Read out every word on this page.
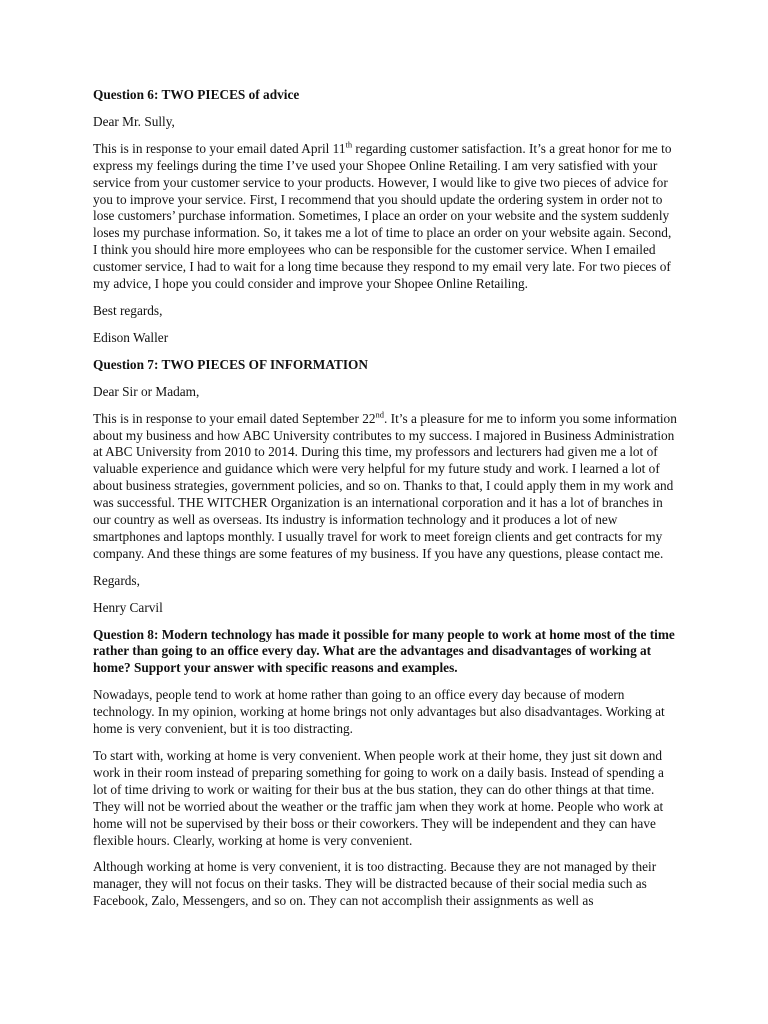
Question 6: TWO PIECES of advice

Dear Mr. Sully,

This is in response to your email dated April 11th regarding customer satisfaction. It’s a great honor for me to express my feelings during the time I’ve used your Shopee Online Retailing. I am very satisfied with your service from your customer service to your products. However, I would like to give two pieces of advice for you to improve your service. First, I recommend that you should update the ordering system in order not to lose customers’ purchase information. Sometimes, I place an order on your website and the system suddenly loses my purchase information. So, it takes me a lot of time to place an order on your website again. Second, I think you should hire more employees who can be responsible for the customer service. When I emailed customer service, I had to wait for a long time because they respond to my email very late. For two pieces of my advice, I hope you could consider and improve your Shopee Online Retailing.

Best regards,

Edison Waller

Question 7: TWO PIECES OF INFORMATION

Dear Sir or Madam,

This is in response to your email dated September 22nd. It’s a pleasure for me to inform you some information about my business and how ABC University contributes to my success. I majored in Business Administration at ABC University from 2010 to 2014. During this time, my professors and lecturers had given me a lot of valuable experience and guidance which were very helpful for my future study and work. I learned a lot of about business strategies, government policies, and so on. Thanks to that, I could apply them in my work and was successful. THE WITCHER Organization is an international corporation and it has a lot of branches in our country as well as overseas. Its industry is information technology and it produces a lot of new smartphones and laptops monthly. I usually travel for work to meet foreign clients and get contracts for my company. And these things are some features of my business. If you have any questions, please contact me.

Regards,

Henry Carvil

Question 8: Modern technology has made it possible for many people to work at home most of the time rather than going to an office every day. What are the advantages and disadvantages of working at home? Support your answer with specific reasons and examples.

Nowadays, people tend to work at home rather than going to an office every day because of modern technology. In my opinion, working at home brings not only advantages but also disadvantages. Working at home is very convenient, but it is too distracting.

To start with, working at home is very convenient. When people work at their home, they just sit down and work in their room instead of preparing something for going to work on a daily basis. Instead of spending a lot of time driving to work or waiting for their bus at the bus station, they can do other things at that time. They will not be worried about the weather or the traffic jam when they work at home. People who work at home will not be supervised by their boss or their coworkers. They will be independent and they can have flexible hours. Clearly, working at home is very convenient.

Although working at home is very convenient, it is too distracting. Because they are not managed by their manager, they will not focus on their tasks. They will be distracted because of their social media such as Facebook, Zalo, Messengers, and so on. They can not accomplish their assignments as well as
